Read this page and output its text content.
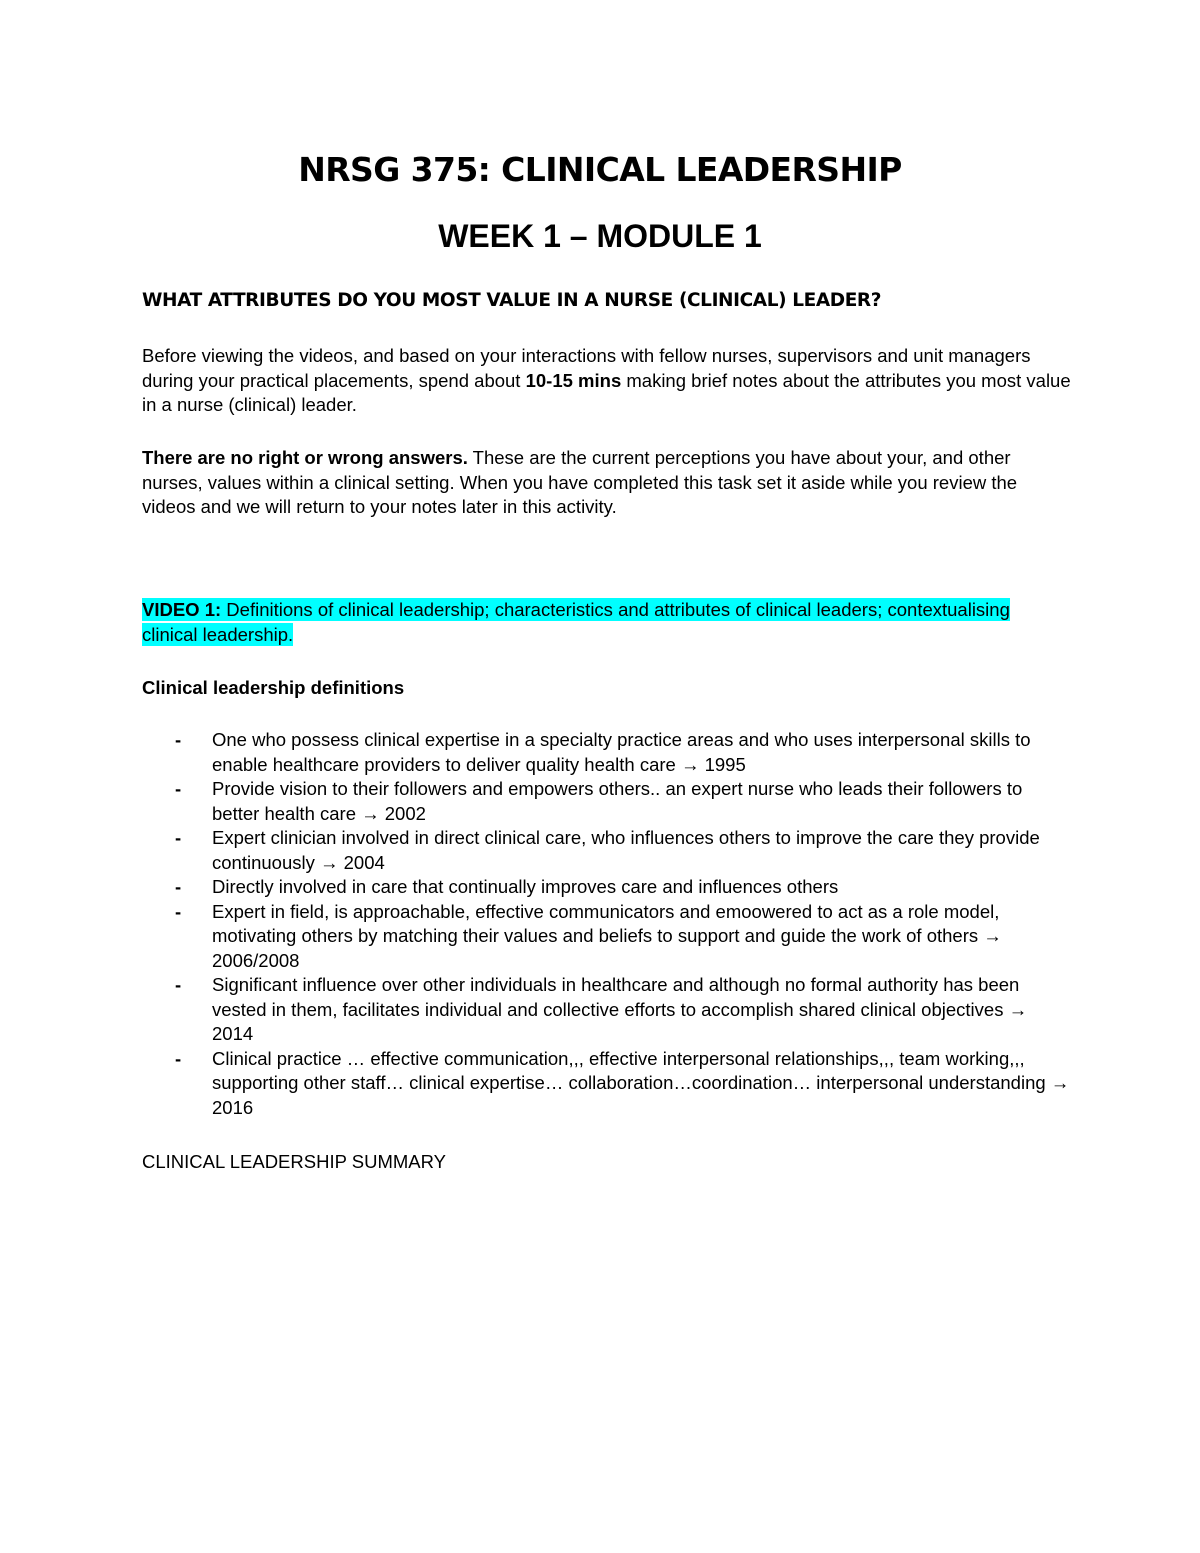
NRSG 375: CLINICAL LEADERSHIP
WEEK 1 – MODULE 1
WHAT ATTRIBUTES DO YOU MOST VALUE IN A NURSE (CLINICAL) LEADER?

Before viewing the videos, and based on your interactions with fellow nurses, supervisors and unit managers during your practical placements, spend about 10-15 mins making brief notes about the attributes you most value in a nurse (clinical) leader.

There are no right or wrong answers. These are the current perceptions you have about your, and other nurses, values within a clinical setting. When you have completed this task set it aside while you review the videos and we will return to your notes later in this activity.

VIDEO 1: Definitions of clinical leadership; characteristics and attributes of clinical leaders; contextualising clinical leadership.

Clinical leadership definitions

- One who possess clinical expertise in a specialty practice areas and who uses interpersonal skills to enable healthcare providers to deliver quality health care → 1995
- Provide vision to their followers and empowers others.. an expert nurse who leads their followers to better health care → 2002
- Expert clinician involved in direct clinical care, who influences others to improve the care they provide continuously → 2004
- Directly involved in care that continually improves care and influences others
- Expert in field, is approachable, effective communicators and emoowered to act as a role model, motivating others by matching their values and beliefs to support and guide the work of others → 2006/2008
- Significant influence over other individuals in healthcare and although no formal authority has been vested in them, facilitates individual and collective efforts to accomplish shared clinical objectives → 2014
- Clinical practice … effective communication,,, effective interpersonal relationships,,, team working,,, supporting other staff… clinical expertise… collaboration…coordination… interpersonal understanding → 2016

CLINICAL LEADERSHIP SUMMARY
